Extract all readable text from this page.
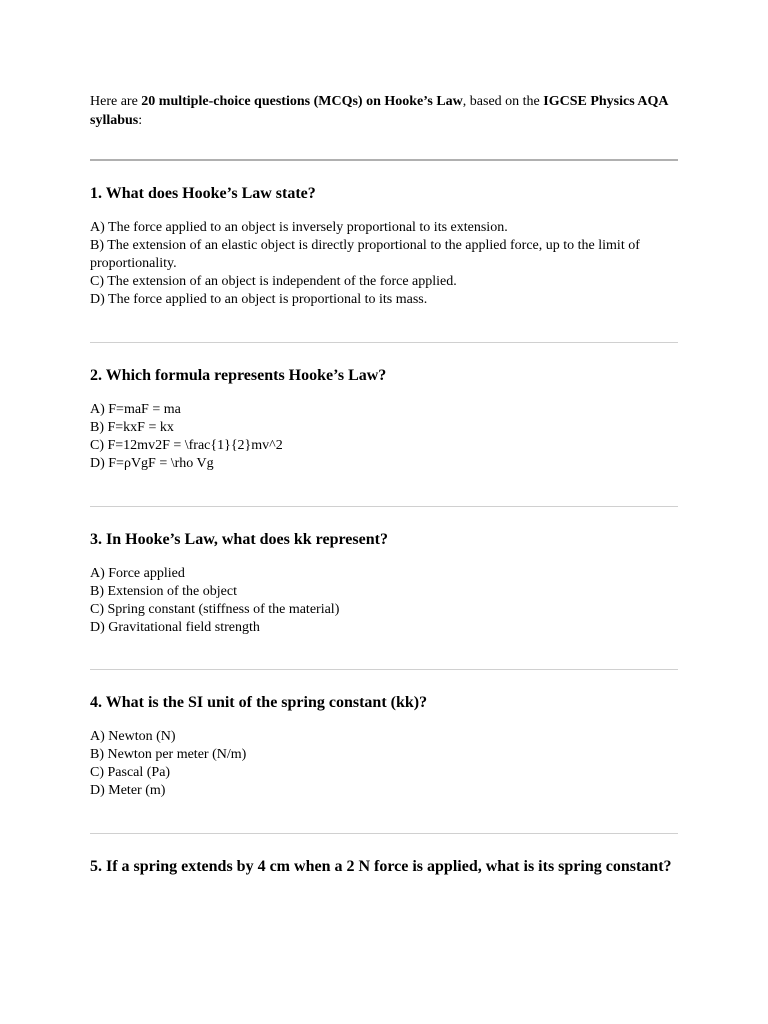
Here are 20 multiple-choice questions (MCQs) on Hooke’s Law, based on the IGCSE Physics AQA syllabus:

1. What does Hooke’s Law state?

A) The force applied to an object is inversely proportional to its extension.
B) The extension of an elastic object is directly proportional to the applied force, up to the limit of proportionality.
C) The extension of an object is independent of the force applied.
D) The force applied to an object is proportional to its mass.

2. Which formula represents Hooke’s Law?

A) F=maF = ma
B) F=kxF = kx
C) F=12mv2F = \frac{1}{2}mv^2
D) F=ρVgF = \rho Vg

3. In Hooke’s Law, what does kk represent?

A) Force applied
B) Extension of the object
C) Spring constant (stiffness of the material)
D) Gravitational field strength

4. What is the SI unit of the spring constant (kk)?

A) Newton (N)
B) Newton per meter (N/m)
C) Pascal (Pa)
D) Meter (m)

5. If a spring extends by 4 cm when a 2 N force is applied, what is its spring constant?
